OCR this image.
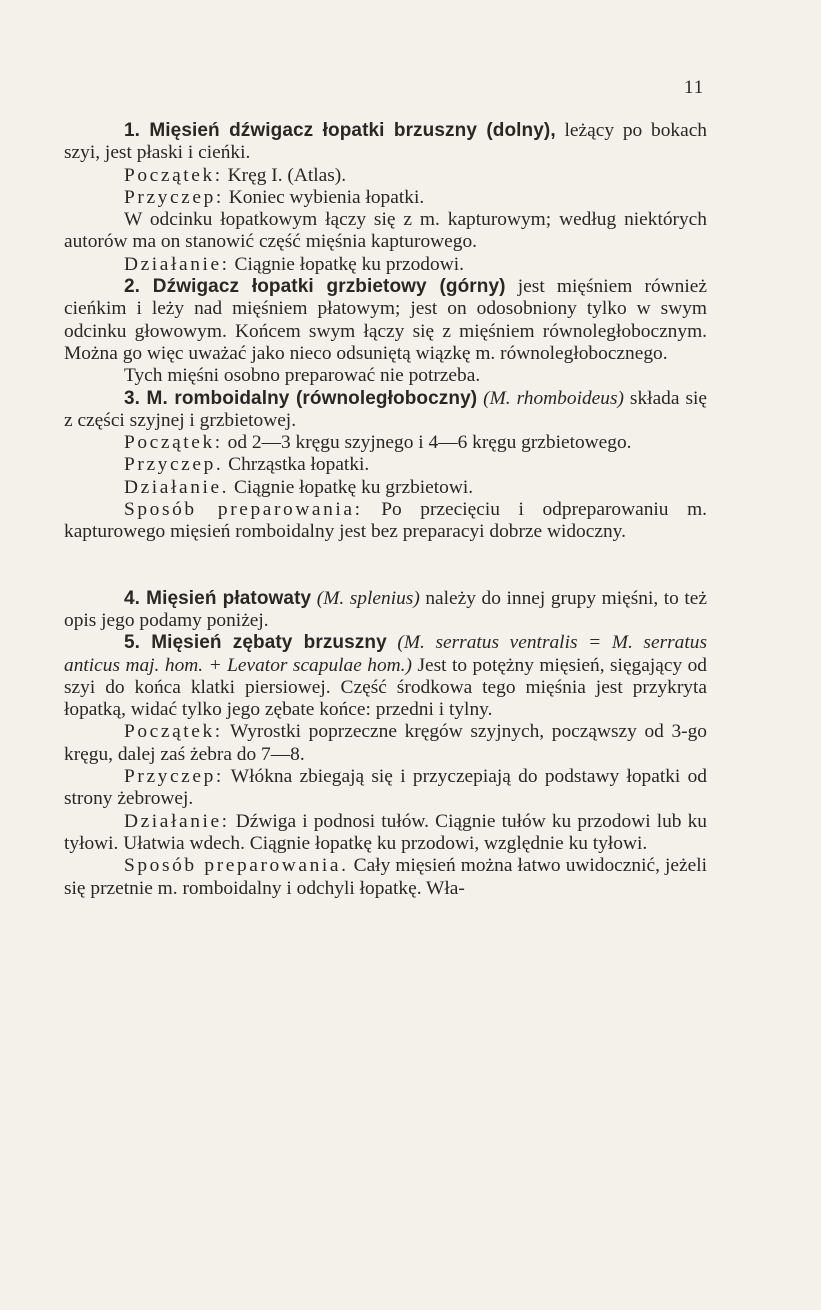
11

1. Mięsień dźwigacz łopatki brzuszny (dolny), leżący po bokach szyi, jest płaski i cieńki.

Początek: Kręg I. (Atlas).

Przyczep: Koniec wybienia łopatki.

W odcinku łopatkowym łączy się z m. kapturowym; według niektórych autorów ma on stanowić część mięśnia kapturowego.

Działanie: Ciągnie łopatkę ku przodowi.

2. Dźwigacz łopatki grzbietowy (górny) jest mięśniem również cieńkim i leży nad mięśniem płatowym; jest on odosobniony tylko w swym odcinku głowowym. Końcem swym łączy się z mięśniem równoległobocznym. Można go więc uważać jako nieco odsuniętą wiązkę m. równoległobocznego.

Tych mięśni osobno preparować nie potrzeba.

3. M. romboidalny (równoległoboczny) (M. rhomboideus) składa się z części szyjnej i grzbietowej.

Początek: od 2—3 kręgu szyjnego i 4—6 kręgu grzbietowego.

Przyczep. Chrząstka łopatki.

Działanie. Ciągnie łopatkę ku grzbietowi.

Sposób preparowania: Po przecięciu i odpreparowaniu m. kapturowego mięsień romboidalny jest bez preparacyi dobrze widoczny.

4. Mięsień płatowaty (M. splenius) należy do innej grupy mięśni, to też opis jego podamy poniżej.

5. Mięsień zębaty brzuszny (M. serratus ventralis = M. serratus anticus maj. hom. + Levator scapulae hom.) Jest to potężny mięsień, sięgający od szyi do końca klatki piersiowej. Część środkowa tego mięśnia jest przykryta łopatką, widać tylko jego zębate końce: przedni i tylny.

Początek: Wyrostki poprzeczne kręgów szyjnych, począwszy od 3-go kręgu, dalej zaś żebra do 7—8.

Przyczep: Włókna zbiegają się i przyczepiają do podstawy łopatki od strony żebrowej.

Działanie: Dźwiga i podnosi tułów. Ciągnie tułów ku przodowi lub ku tyłowi. Ułatwia wdech. Ciągnie łopatkę ku przodowi, względnie ku tyłowi.

Sposób preparowania. Cały mięsień można łatwo uwidocznić, jeżeli się przetnie m. romboidalny i odchyli łopatkę. Wła-
